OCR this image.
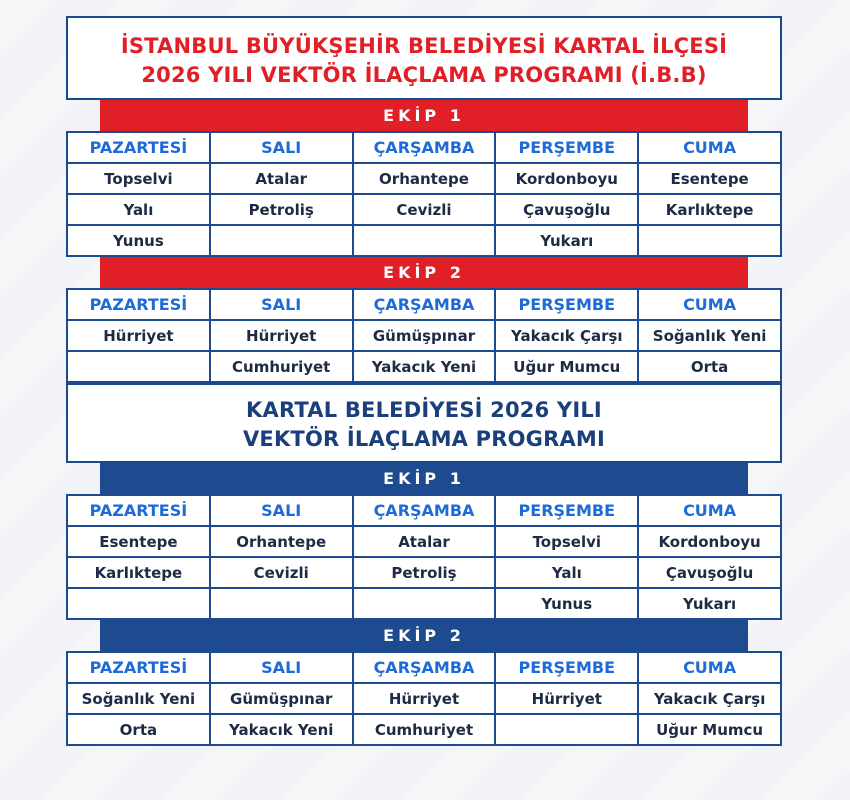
İSTANBUL BÜYÜKŞEHİR BELEDİYESİ KARTAL İLÇESİ
2026 YILI VEKTÖR İLAÇLAMA PROGRAMI (İ.B.B)
EKİP 1
PAZARTESİ	SALI	ÇARŞAMBA	PERŞEMBE	CUMA
Topselvi	Atalar	Orhantepe	Kordonboyu	Esentepe
Yalı	Petroliş	Cevizli	Çavuşoğlu	Karlıktepe
Yunus			Yukarı	
EKİP 2
PAZARTESİ	SALI	ÇARŞAMBA	PERŞEMBE	CUMA
Hürriyet	Hürriyet	Gümüşpınar	Yakacık Çarşı	Soğanlık Yeni
	Cumhuriyet	Yakacık Yeni	Uğur Mumcu	Orta
KARTAL BELEDİYESİ 2026 YILI
VEKTÖR İLAÇLAMA PROGRAMI
EKİP 1
PAZARTESİ	SALI	ÇARŞAMBA	PERŞEMBE	CUMA
Esentepe	Orhantepe	Atalar	Topselvi	Kordonboyu
Karlıktepe	Cevizli	Petroliş	Yalı	Çavuşoğlu
			Yunus	Yukarı
EKİP 2
PAZARTESİ	SALI	ÇARŞAMBA	PERŞEMBE	CUMA
Soğanlık Yeni	Gümüşpınar	Hürriyet	Hürriyet	Yakacık Çarşı
Orta	Yakacık Yeni	Cumhuriyet		Uğur Mumcu
